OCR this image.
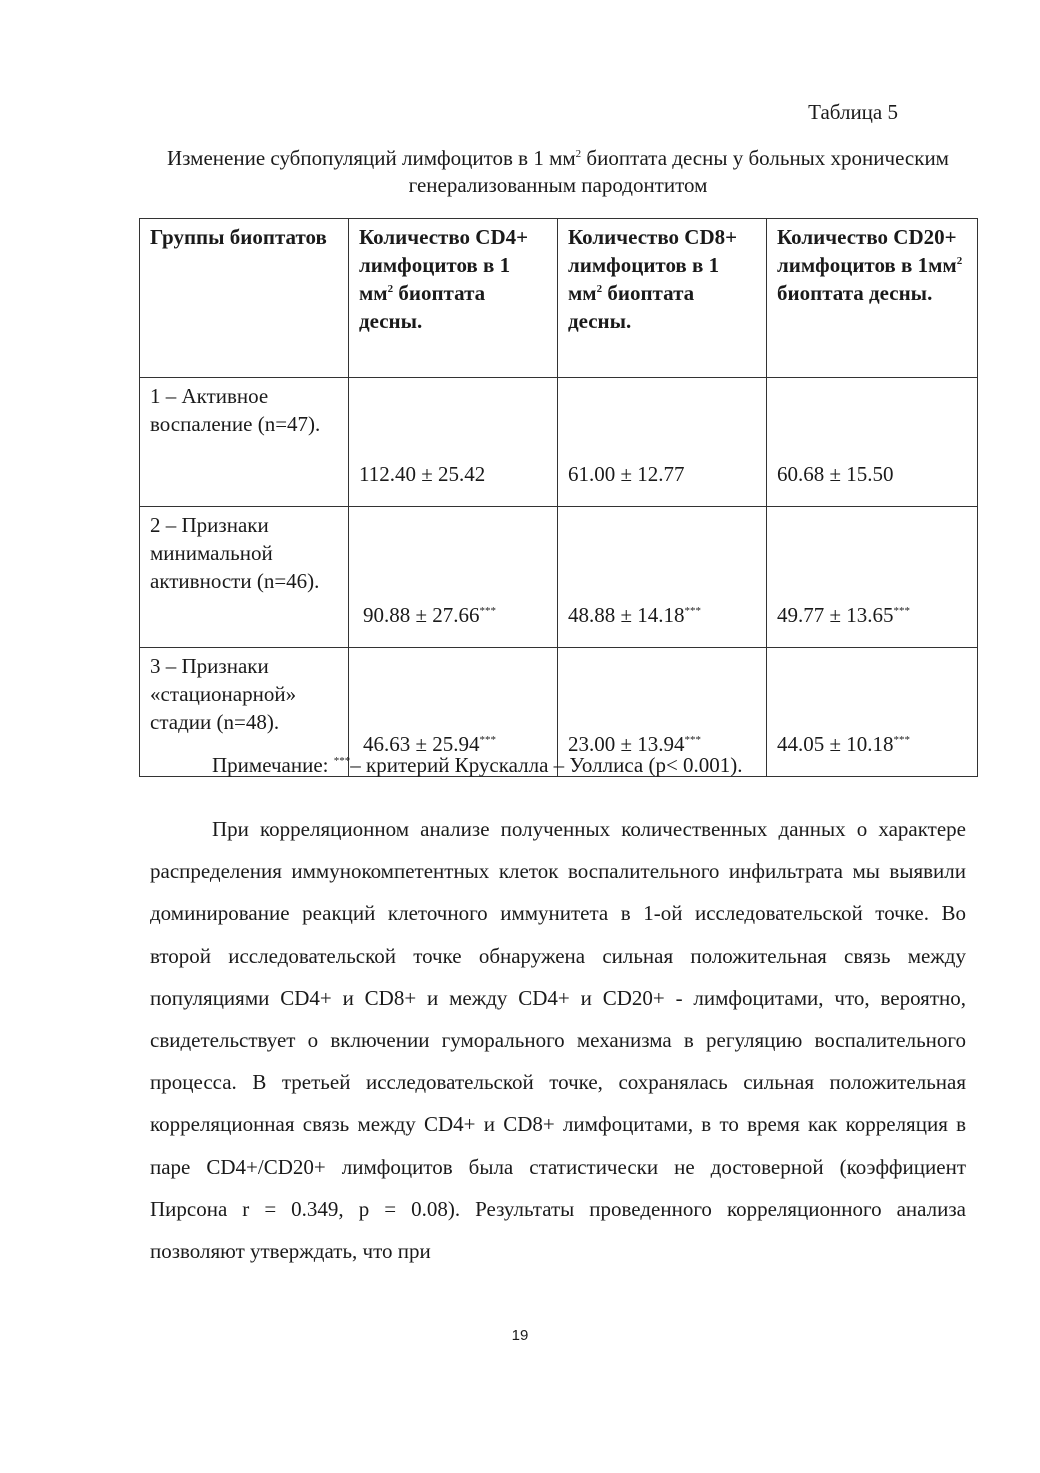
Таблица 5
Изменение субпопуляций лимфоцитов в 1 $мм^2$ биоптата десны у больных хроническим генерализованным пародонтитом
Группы биоптатов	Количество CD4+ лимфоцитов в 1 $мм^2$ биоптата десны.	Количество CD8+ лимфоцитов в 1 $мм^2$ биоптата десны.	Количество CD20+ лимфоцитов в $1мм^2$ биоптата десны.
1 – Активное воспаление (n=47).	112.40 ± 25.42	61.00 ± 12.77	60.68 ± 15.50
2 – Признаки минимальной активности (n=46).	90.88 ± 27.66***	48.88 ± 14.18***	49.77 ± 13.65***
3 – Признаки «стационарной» стадии (n=48).	46.63 ± 25.94***	23.00 ± 13.94***	44.05 ± 10.18***
Примечание: ***– критерий Крускалла – Уоллиса (p< 0.001).

При корреляционном анализе полученных количественных данных о характере распределения иммунокомпетентных клеток воспалительного инфильтрата мы выявили доминирование реакций клеточного иммунитета в 1-ой исследовательской точке. Во второй исследовательской точке обнаружена сильная положительная связь между популяциями CD4+ и CD8+ и между CD4+ и CD20+ - лимфоцитами, что, вероятно, свидетельствует о включении гуморального механизма в регуляцию воспалительного процесса. В третьей исследовательской точке, сохранялась сильная положительная корреляционная связь между CD4+ и CD8+ лимфоцитами, в то время как корреляция в паре CD4+/CD20+ лимфоцитов была статистически не достоверной (коэффициент Пирсона r = 0.349, p = 0.08). Результаты проведенного корреляционного анализа позволяют утверждать, что при

19
